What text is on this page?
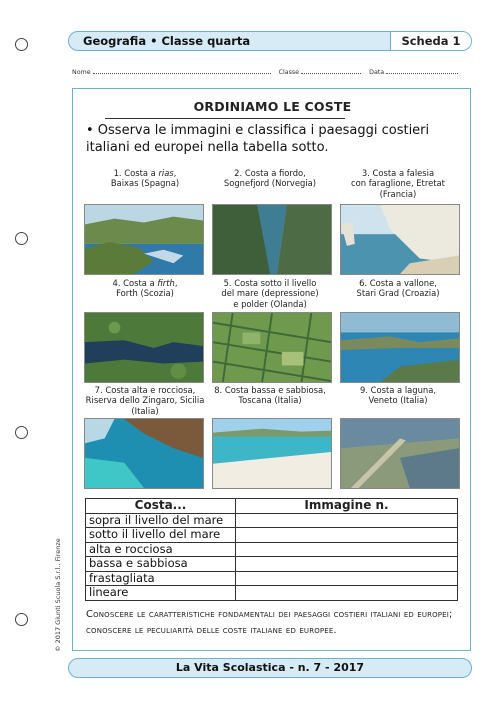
Geografia • Classe quarta	Scheda 1
Nome	Classe	Data
ORDINIAMO LE COSTE
• Osserva le immagini e classifica i paesaggi costieri italiani ed europei nella tabella sotto.
1. Costa a rias,
Baixas (Spagna)
2. Costa a fiordo,
Sognefjord (Norvegia)
3. Costa a falesia
con faraglione, Etretat
(Francia)
4. Costa a firth,
Forth (Scozia)
5. Costa sotto il livello
del mare (depressione)
e polder (Olanda)
6. Costa a vallone,
Stari Grad (Croazia)
7. Costa alta e rocciosa,
Riserva dello Zingaro, Sicilia
(Italia)
8. Costa bassa e sabbiosa,
Toscana (Italia)
9. Costa a laguna,
Veneto (Italia)
Costa...	Immagine n.
sopra il livello del mare	
sotto il livello del mare	
alta e rocciosa	
bassa e sabbiosa	
frastagliata	
lineare	
Conoscere le caratteristiche fondamentali dei paesaggi costieri italiani ed europei; conoscere le peculiarità delle coste italiane ed europee.
© 2017 Giunti Scuola S.r.l., Firenze
La Vita Scolastica - n. 7 - 2017
